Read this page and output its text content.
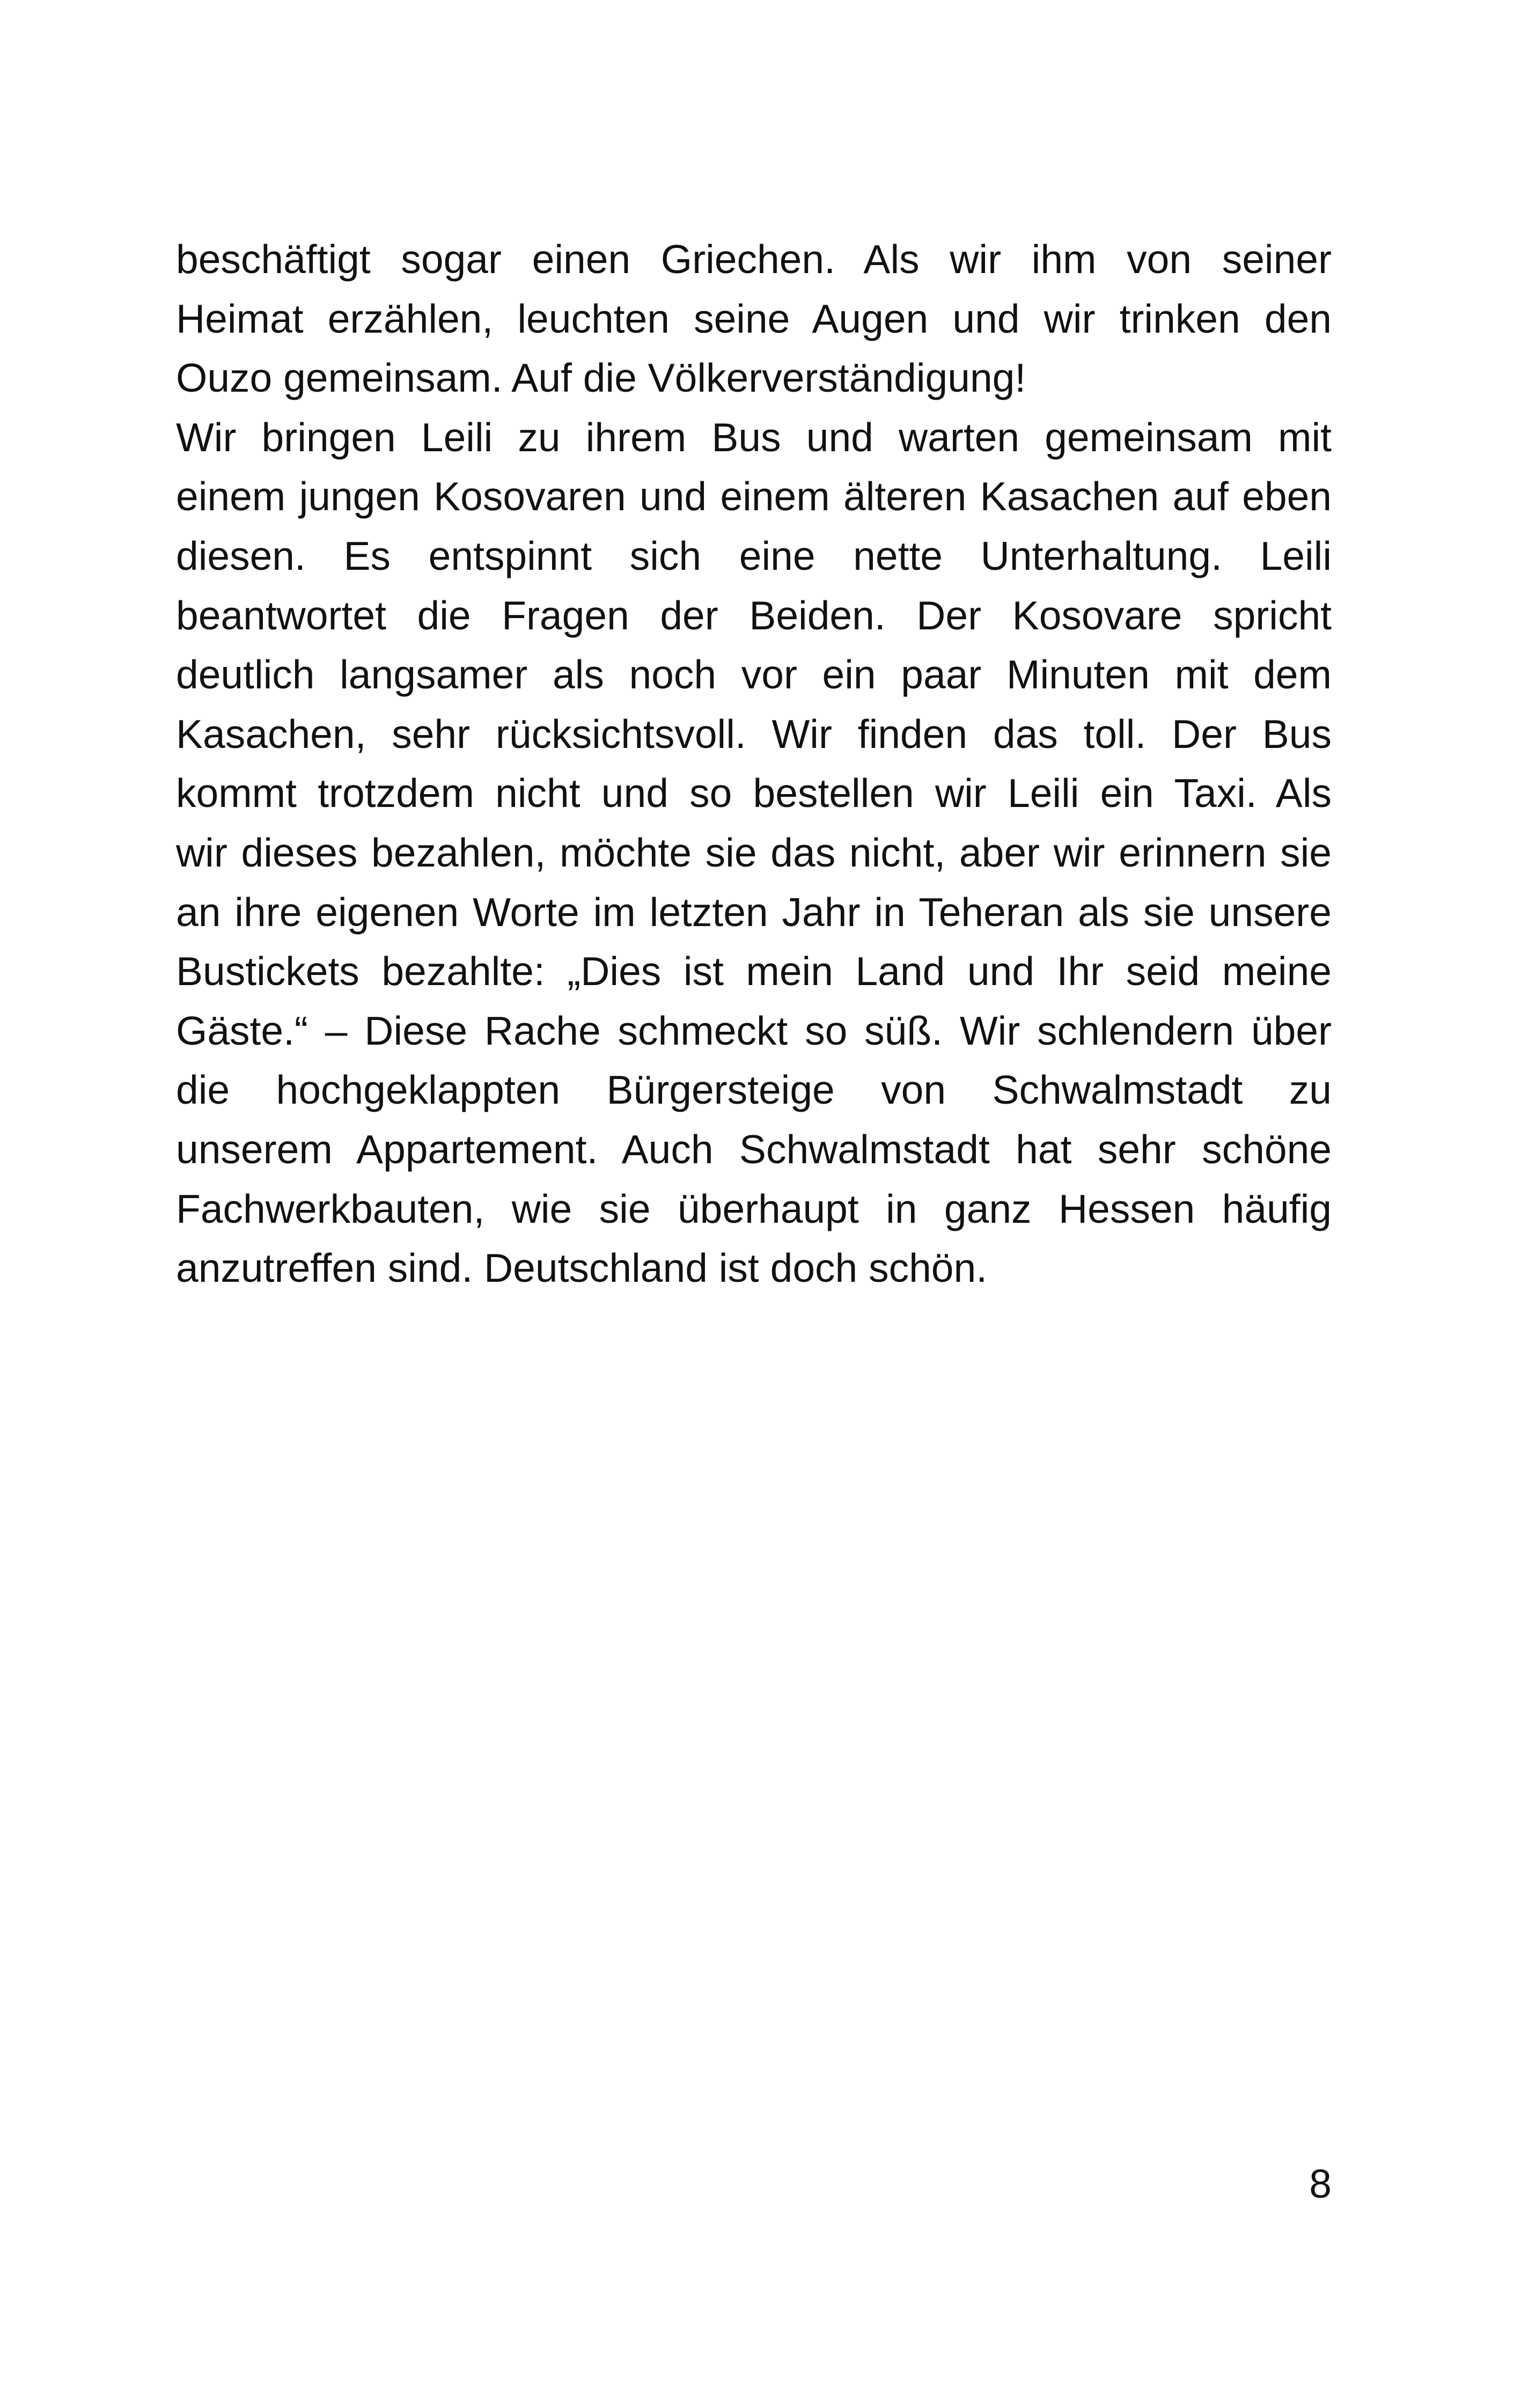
beschäftigt sogar einen Griechen. Als wir ihm von seiner
Heimat erzählen, leuchten seine Augen und wir trinken den
Ouzo gemeinsam. Auf die Völkerverständigung!
Wir bringen Leili zu ihrem Bus und warten gemeinsam mit
einem jungen Kosovaren und einem älteren Kasachen auf eben
diesen. Es entspinnt sich eine nette Unterhaltung. Leili
beantwortet die Fragen der Beiden. Der Kosovare spricht
deutlich langsamer als noch vor ein paar Minuten mit dem
Kasachen, sehr rücksichtsvoll. Wir finden das toll. Der Bus
kommt trotzdem nicht und so bestellen wir Leili ein Taxi. Als
wir dieses bezahlen, möchte sie das nicht, aber wir erinnern sie
an ihre eigenen Worte im letzten Jahr in Teheran als sie unsere
Bustickets bezahlte: „Dies ist mein Land und Ihr seid meine
Gäste.“ – Diese Rache schmeckt so süß. Wir schlendern über
die hochgeklappten Bürgersteige von Schwalmstadt zu
unserem Appartement. Auch Schwalmstadt hat sehr schöne
Fachwerkbauten, wie sie überhaupt in ganz Hessen häufig
anzutreffen sind. Deutschland ist doch schön.
8
